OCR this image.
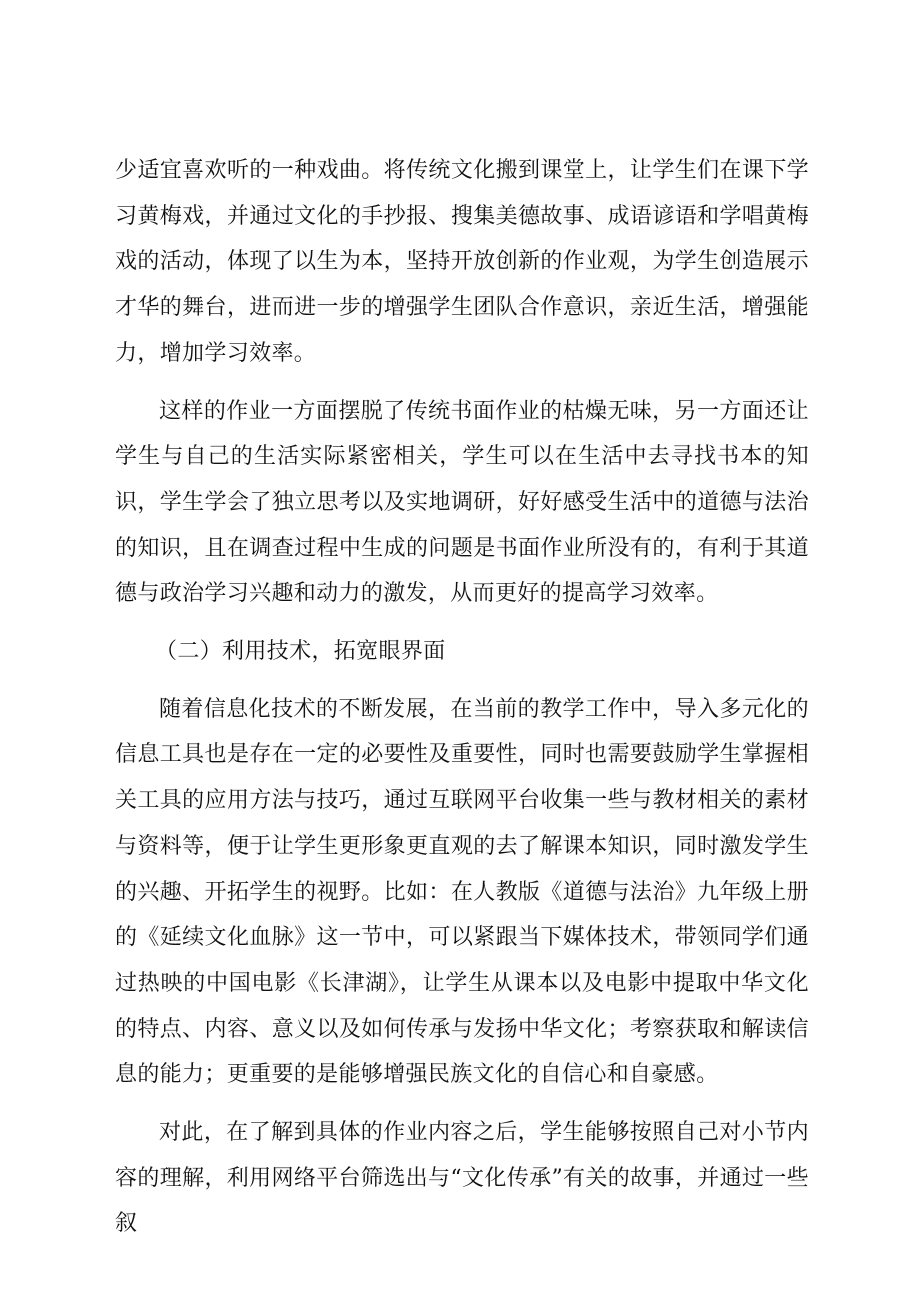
少适宜喜欢听的一种戏曲。将传统文化搬到课堂上，让学生们在课下学习黄梅戏，并通过文化的手抄报、搜集美德故事、成语谚语和学唱黄梅戏的活动，体现了以生为本，坚持开放创新的作业观，为学生创造展示才华的舞台，进而进一步的增强学生团队合作意识，亲近生活，增强能力，增加学习效率。

这样的作业一方面摆脱了传统书面作业的枯燥无味，另一方面还让学生与自己的生活实际紧密相关，学生可以在生活中去寻找书本的知识，学生学会了独立思考以及实地调研，好好感受生活中的道德与法治的知识，且在调查过程中生成的问题是书面作业所没有的，有利于其道德与政治学习兴趣和动力的激发，从而更好的提高学习效率。

（二）利用技术，拓宽眼界面

随着信息化技术的不断发展，在当前的教学工作中，导入多元化的信息工具也是存在一定的必要性及重要性，同时也需要鼓励学生掌握相关工具的应用方法与技巧，通过互联网平台收集一些与教材相关的素材与资料等，便于让学生更形象更直观的去了解课本知识，同时激发学生的兴趣、开拓学生的视野。比如：在人教版《道德与法治》九年级上册的《延续文化血脉》这一节中，可以紧跟当下媒体技术，带领同学们通过热映的中国电影《长津湖》，让学生从课本以及电影中提取中华文化的特点、内容、意义以及如何传承与发扬中华文化；考察获取和解读信息的能力；更重要的是能够增强民族文化的自信心和自豪感。

对此，在了解到具体的作业内容之后，学生能够按照自己对小节内容的理解，利用网络平台筛选出与“文化传承”有关的故事，并通过一些叙
